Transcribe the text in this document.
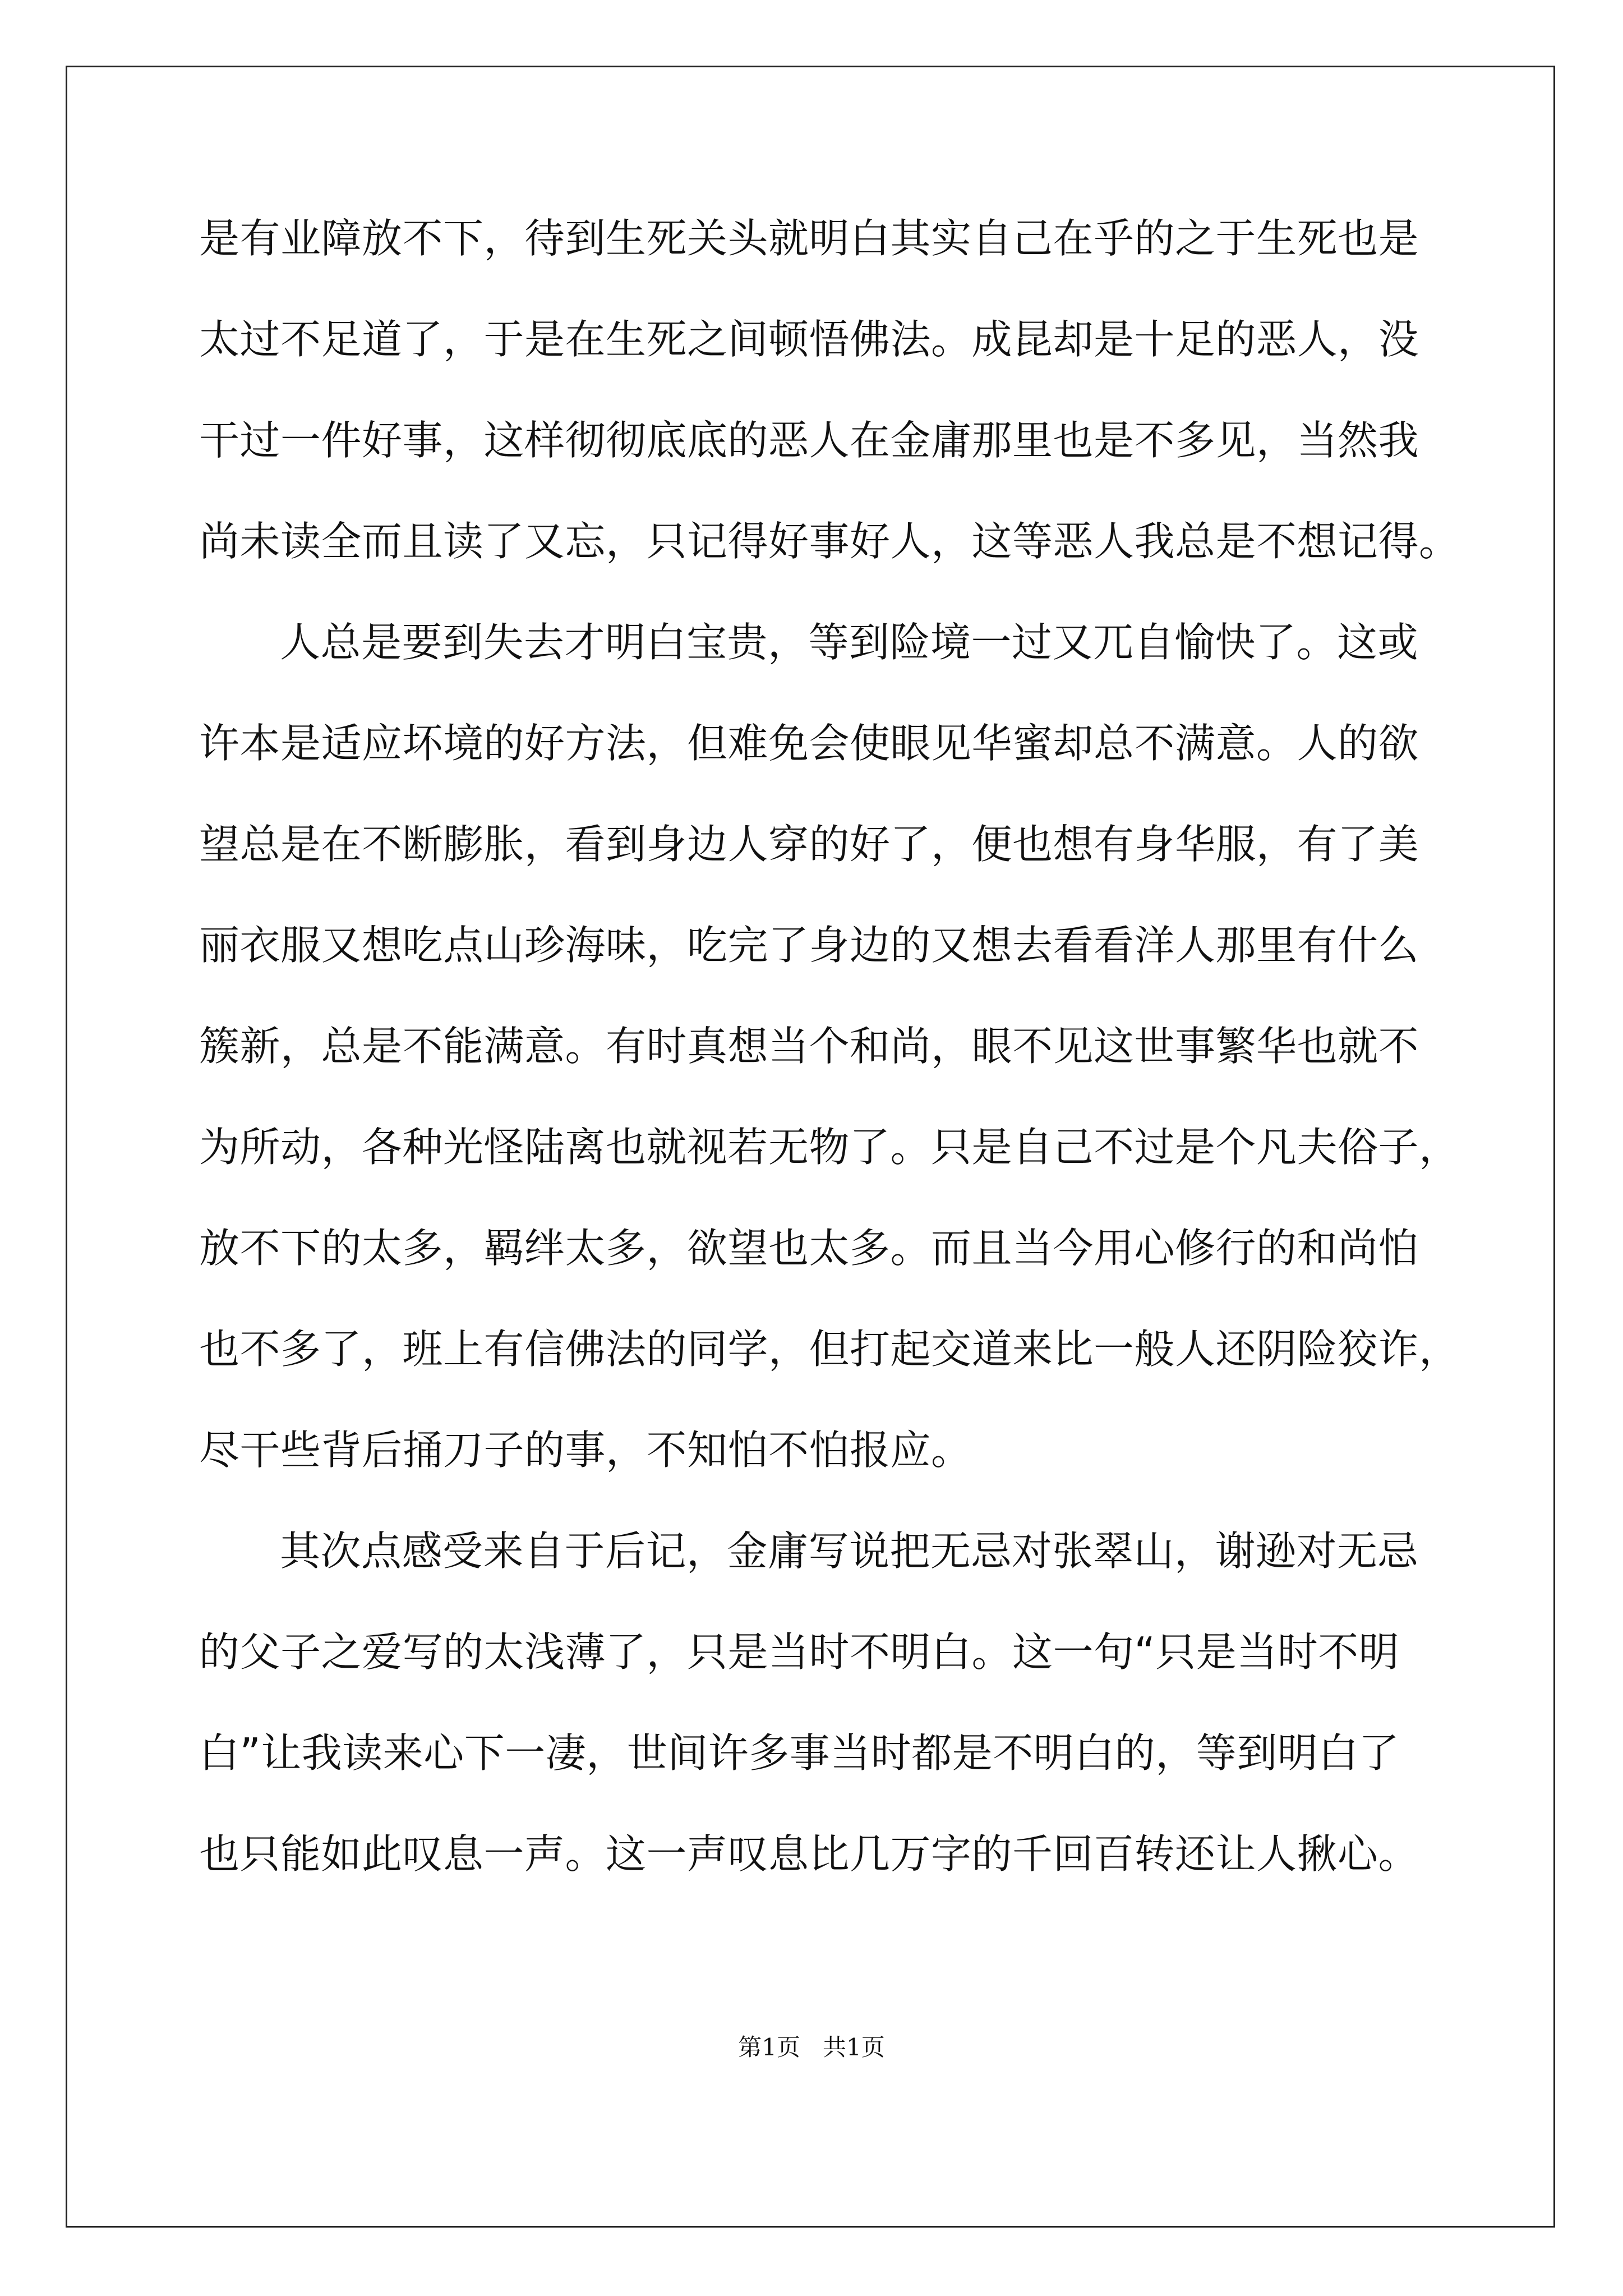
是有业障放不下，待到生死关头就明白其实自己在乎的之于生死也是
太过不足道了，于是在生死之间顿悟佛法。成昆却是十足的恶人，没
干过一件好事，这样彻彻底底的恶人在金庸那里也是不多见，当然我
尚未读全而且读了又忘，只记得好事好人，这等恶人我总是不想记得。
人总是要到失去才明白宝贵，等到险境一过又兀自愉快了。这或
许本是适应坏境的好方法，但难免会使眼见华蜜却总不满意。人的欲
望总是在不断膨胀，看到身边人穿的好了，便也想有身华服，有了美
丽衣服又想吃点山珍海味，吃完了身边的又想去看看洋人那里有什么
簇新，总是不能满意。有时真想当个和尚，眼不见这世事繁华也就不
为所动，各种光怪陆离也就视若无物了。只是自己不过是个凡夫俗子，
放不下的太多，羁绊太多，欲望也太多。而且当今用心修行的和尚怕
也不多了，班上有信佛法的同学，但打起交道来比一般人还阴险狡诈，
尽干些背后捅刀子的事，不知怕不怕报应。
其次点感受来自于后记，金庸写说把无忌对张翠山，谢逊对无忌
的父子之爱写的太浅薄了，只是当时不明白。这一句“只是当时不明
白”让我读来心下一凄，世间许多事当时都是不明白的，等到明白了
也只能如此叹息一声。这一声叹息比几万字的千回百转还让人揪心。
第1页 共1页
